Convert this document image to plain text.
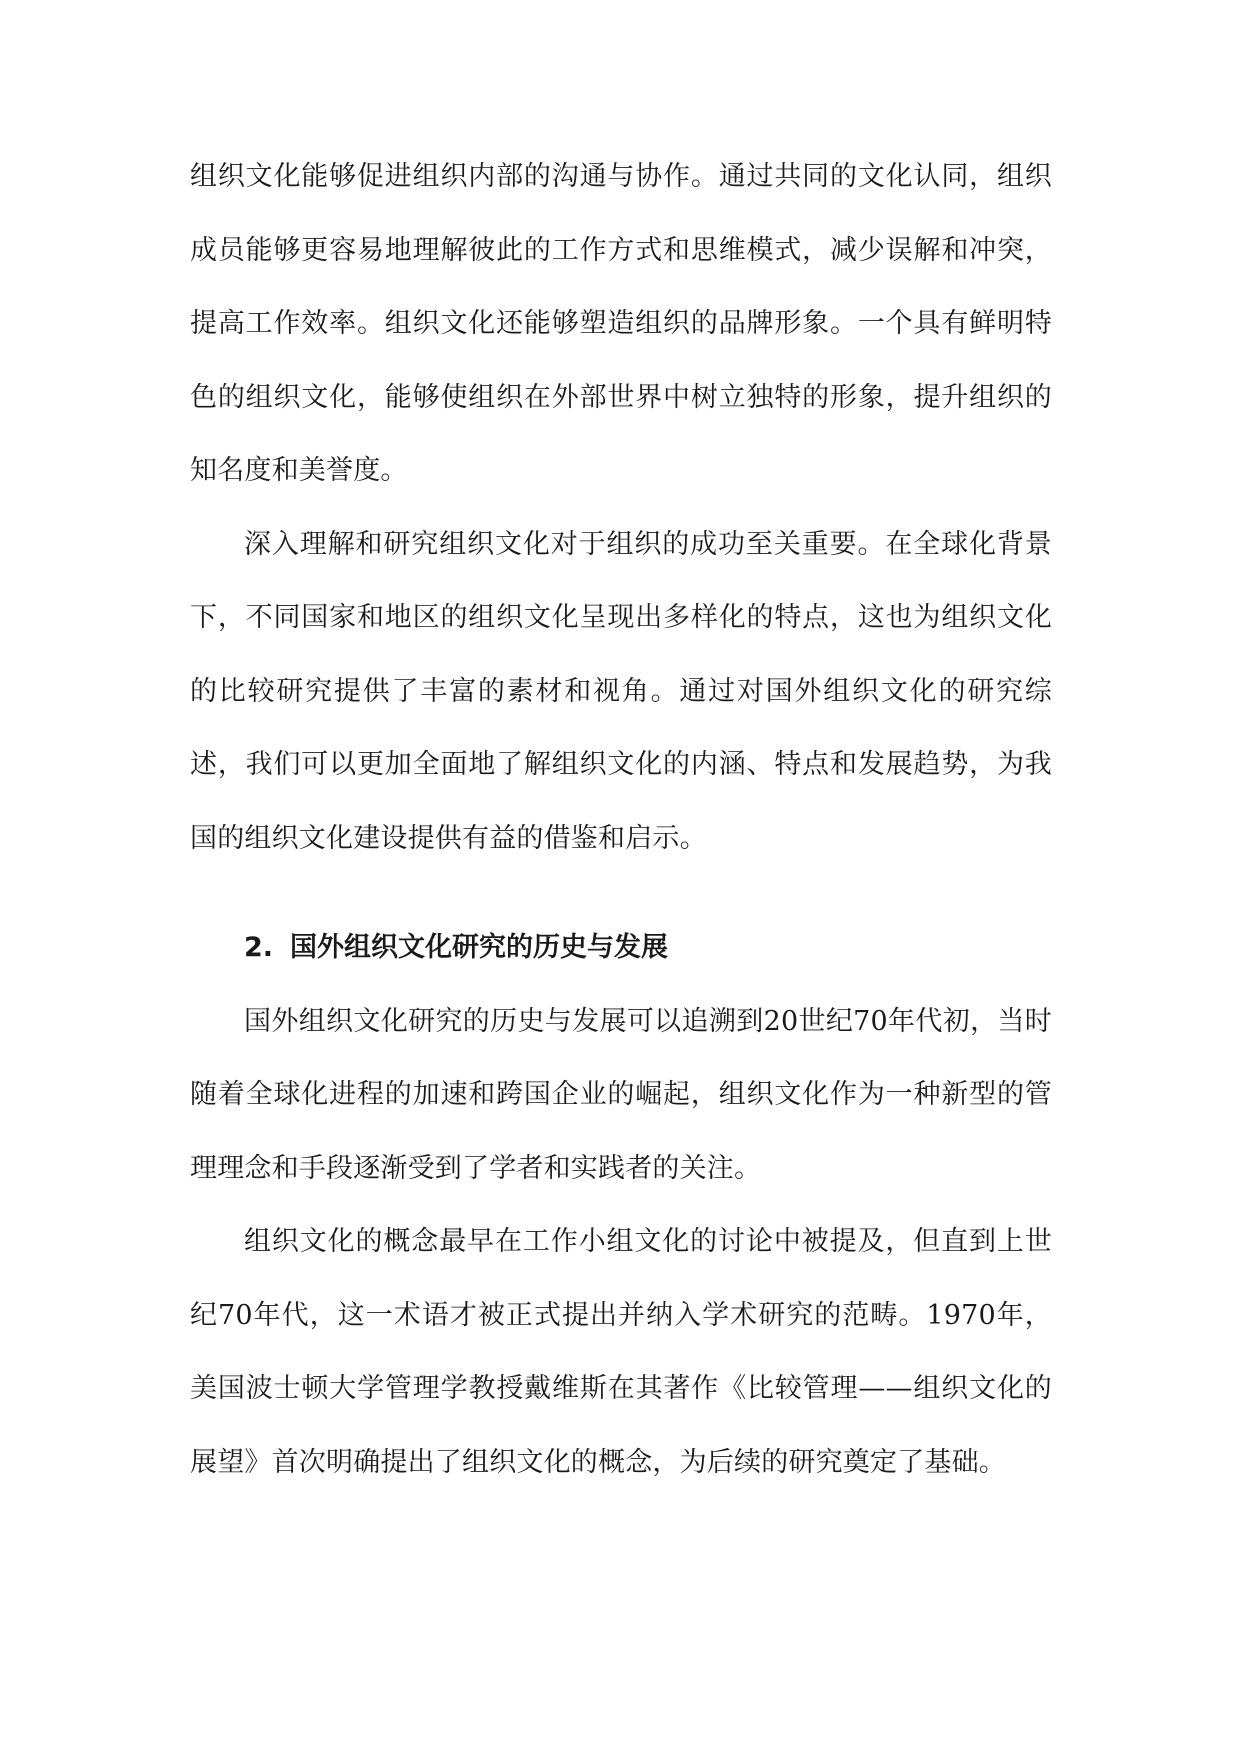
组织文化能够促进组织内部的沟通与协作。通过共同的文化认同，组织成员能够更容易地理解彼此的工作方式和思维模式，减少误解和冲突，提高工作效率。组织文化还能够塑造组织的品牌形象。一个具有鲜明特色的组织文化，能够使组织在外部世界中树立独特的形象，提升组织的知名度和美誉度。

深入理解和研究组织文化对于组织的成功至关重要。在全球化背景下，不同国家和地区的组织文化呈现出多样化的特点，这也为组织文化的比较研究提供了丰富的素材和视角。通过对国外组织文化的研究综述，我们可以更加全面地了解组织文化的内涵、特点和发展趋势，为我国的组织文化建设提供有益的借鉴和启示。

2. 国外组织文化研究的历史与发展

国外组织文化研究的历史与发展可以追溯到20世纪70年代初，当时随着全球化进程的加速和跨国企业的崛起，组织文化作为一种新型的管理理念和手段逐渐受到了学者和实践者的关注。

组织文化的概念最早在工作小组文化的讨论中被提及，但直到上世纪70年代，这一术语才被正式提出并纳入学术研究的范畴。1970年，美国波士顿大学管理学教授戴维斯在其著作《比较管理——组织文化的展望》首次明确提出了组织文化的概念，为后续的研究奠定了基础。
